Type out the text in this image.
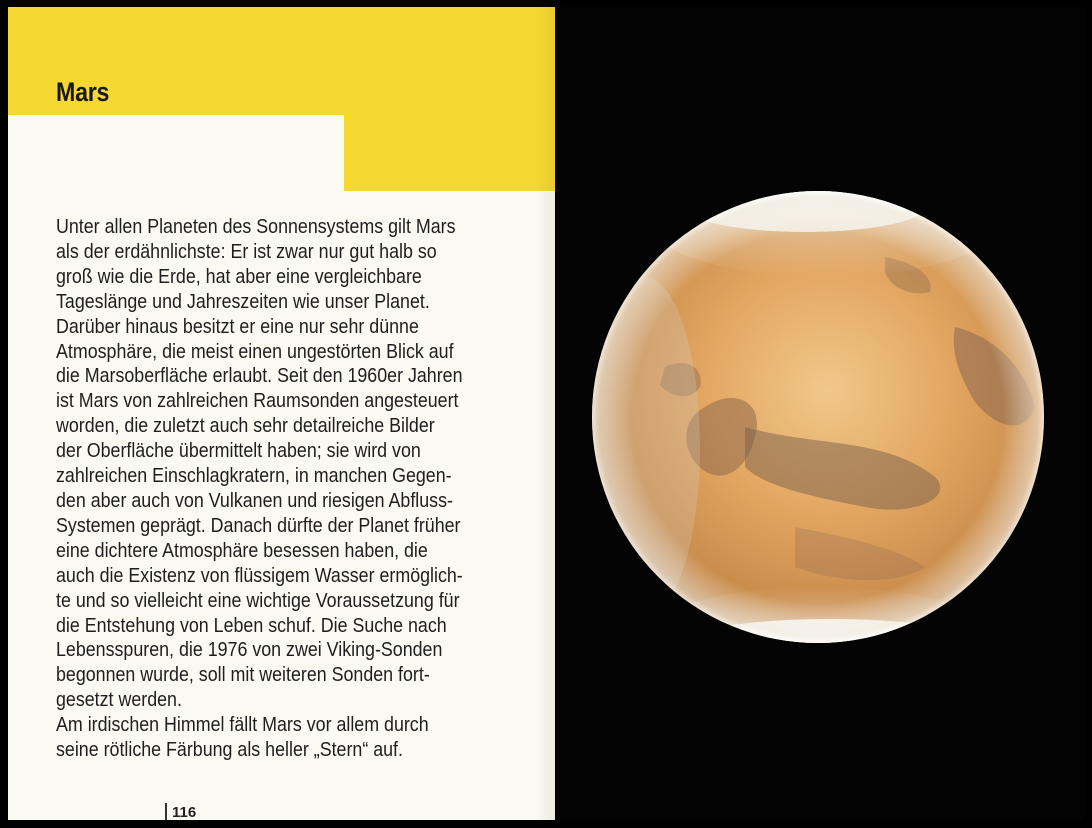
Mars
Unter allen Planeten des Sonnensystems gilt Mars
als der erdähnlichste: Er ist zwar nur gut halb so
groß wie die Erde, hat aber eine vergleichbare
Tageslänge und Jahreszeiten wie unser Planet.
Darüber hinaus besitzt er eine nur sehr dünne
Atmosphäre, die meist einen ungestörten Blick auf
die Marsoberfläche erlaubt. Seit den 1960er Jahren
ist Mars von zahlreichen Raumsonden angesteuert
worden, die zuletzt auch sehr detailreiche Bilder
der Oberfläche übermittelt haben; sie wird von
zahlreichen Einschlagkratern, in manchen Gegen-
den aber auch von Vulkanen und riesigen Abfluss-
Systemen geprägt. Danach dürfte der Planet früher
eine dichtere Atmosphäre besessen haben, die
auch die Existenz von flüssigem Wasser ermöglich-
te und so vielleicht eine wichtige Voraussetzung für
die Entstehung von Leben schuf. Die Suche nach
Lebensspuren, die 1976 von zwei Viking-Sonden
begonnen wurde, soll mit weiteren Sonden fort-
gesetzt werden.
Am irdischen Himmel fällt Mars vor allem durch
seine rötliche Färbung als heller „Stern“ auf.
116
